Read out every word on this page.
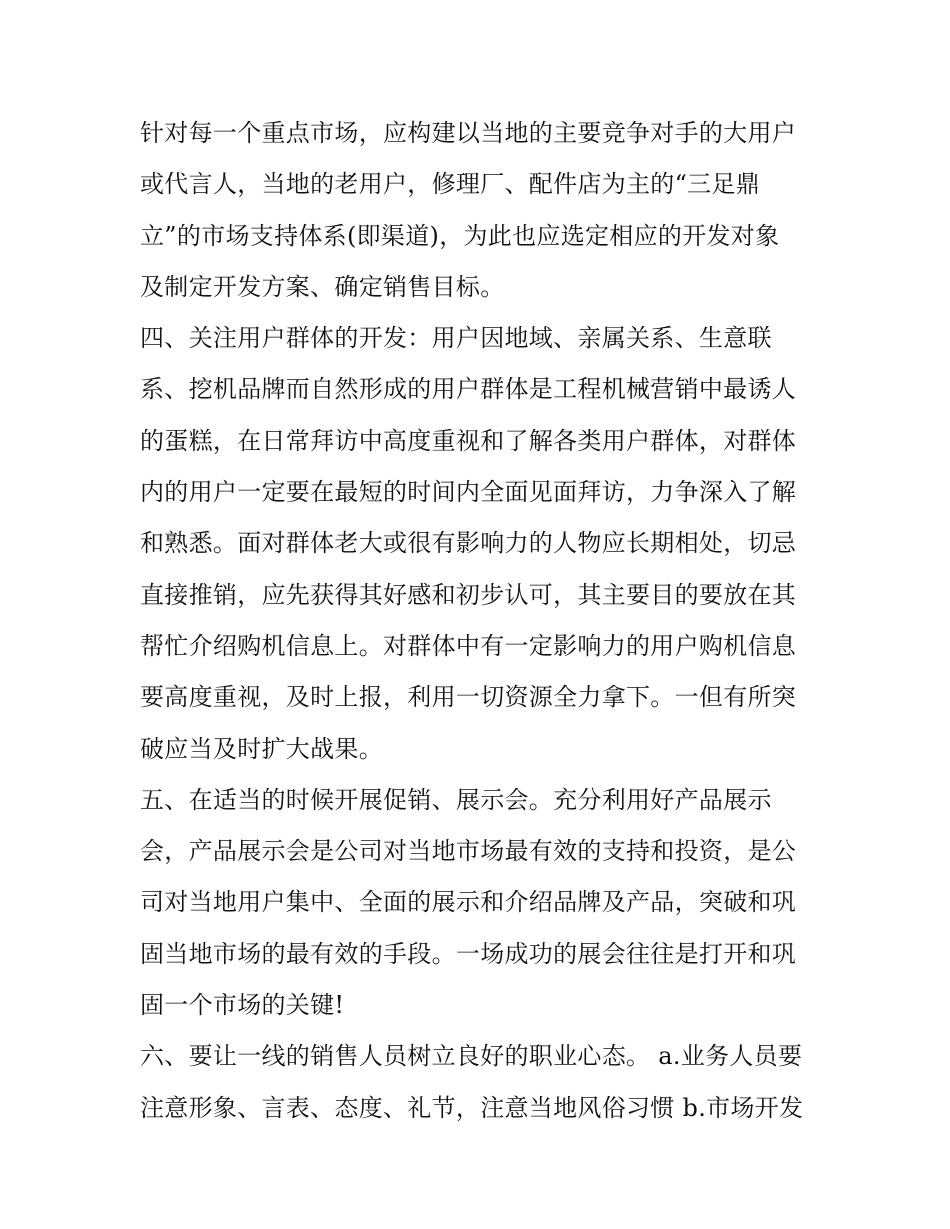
针对每一个重点市场，应构建以当地的主要竞争对手的大用户
或代言人，当地的老用户，修理厂、配件店为主的“三足鼎
立”的市场支持体系(即渠道)，为此也应选定相应的开发对象
及制定开发方案、确定销售目标。
四、关注用户群体的开发：用户因地域、亲属关系、生意联
系、挖机品牌而自然形成的用户群体是工程机械营销中最诱人
的蛋糕，在日常拜访中高度重视和了解各类用户群体，对群体
内的用户一定要在最短的时间内全面见面拜访，力争深入了解
和熟悉。面对群体老大或很有影响力的人物应长期相处，切忌
直接推销，应先获得其好感和初步认可，其主要目的要放在其
帮忙介绍购机信息上。对群体中有一定影响力的用户购机信息
要高度重视，及时上报，利用一切资源全力拿下。一但有所突
破应当及时扩大战果。
五、在适当的时候开展促销、展示会。充分利用好产品展示
会，产品展示会是公司对当地市场最有效的支持和投资，是公
司对当地用户集中、全面的展示和介绍品牌及产品，突破和巩
固当地市场的最有效的手段。一场成功的展会往往是打开和巩
固一个市场的关键!
六、要让一线的销售人员树立良好的职业心态。 a.业务人员要
注意形象、言表、态度、礼节，注意当地风俗习惯 b.市场开发
